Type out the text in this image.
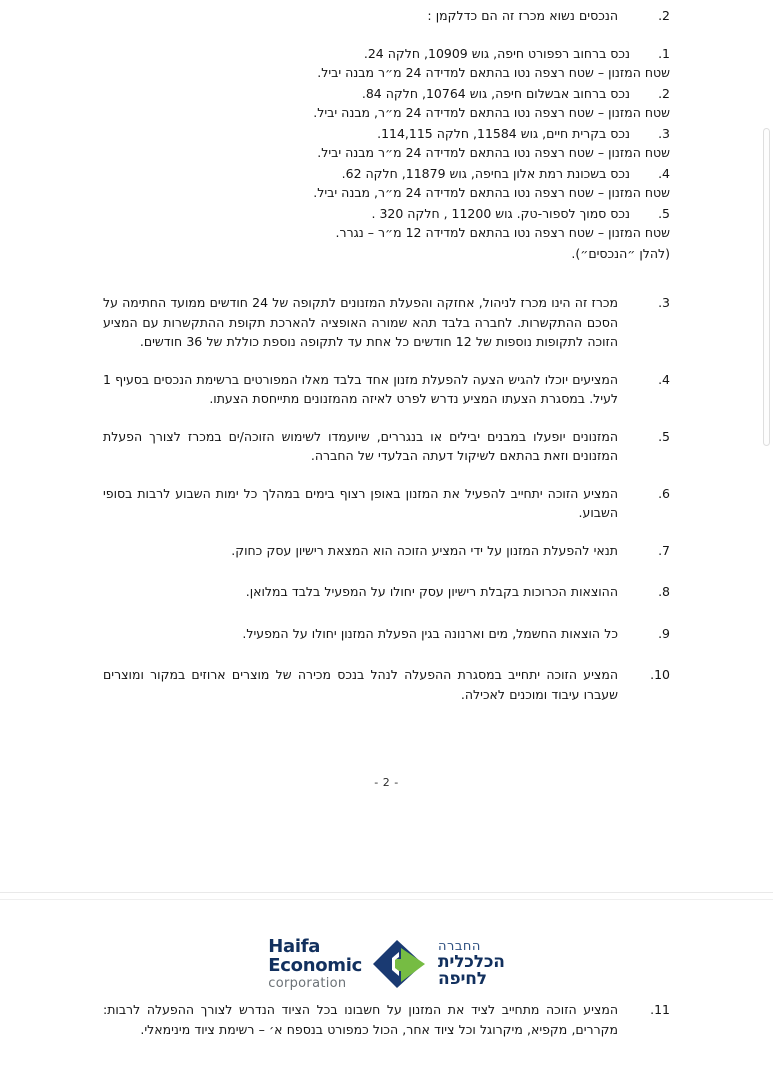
.2
הנכסים נשוא מכרז זה הם כדלקמן :
.1
נכס ברחוב רפפורט חיפה, גוש 10909, חלקה 24.
שטח המזנון – שטח רצפה נטו בהתאם למדידה 24 מ״ר מבנה יביל.
.2
נכס ברחוב אבשלום חיפה, גוש 10764, חלקה 84.
שטח המזנון – שטח רצפה נטו בהתאם למדידה 24 מ״ר, מבנה יביל.
.3
נכס בקרית חיים, גוש 11584, חלקה 114,115.
שטח המזנון – שטח רצפה נטו בהתאם למדידה 24 מ״ר מבנה יביל.
.4
נכס בשכונת רמת אלון בחיפה, גוש 11879, חלקה 62.
שטח המזנון – שטח רצפה נטו בהתאם למדידה 24 מ״ר, מבנה יביל.
.5
נכס סמוך לספור-טק. גוש 11200 , חלקה 320 .
שטח המזנון – שטח רצפה נטו בהתאם למדידה 12 מ״ר – נגרר.
(להלן ״הנכסים״).
.3
מכרז זה הינו מכרז לניהול, אחזקה והפעלת המזנונים לתקופה של 24 חודשים ממועד החתימה על הסכם ההתקשרות. לחברה בלבד תהא שמורה האופציה להארכת תקופת ההתקשרות עם המציע הזוכה לתקופות נוספות של 12 חודשים כל אחת עד לתקופה נוספת כוללת של 36 חודשים.
.4
המציעים יוכלו להגיש הצעה להפעלת מזנון אחד בלבד מאלו המפורטים ברשימת הנכסים בסעיף 1 לעיל. במסגרת הצעתו המציע נדרש לפרט לאיזה מהמזנונים מתייחסת הצעתו.
.5
המזנונים יופעלו במבנים יבילים או בנגררים, שיועמדו לשימוש הזוכה/ים במכרז לצורך הפעלת המזנונים וזאת בהתאם לשיקול דעתה הבלעדי של החברה.
.6
המציע הזוכה יתחייב להפעיל את המזנון באופן רצוף בימים במהלך כל ימות השבוע לרבות בסופי השבוע.
.7
תנאי להפעלת המזנון על ידי המציע הזוכה הוא המצאת רישיון עסק כחוק.
.8
ההוצאות הכרוכות בקבלת רישיון עסק יחולו על המפעיל בלבד במלואן.
.9
כל הוצאות החשמל, מים וארנונה בגין הפעלת המזנון יחולו על המפעיל.
.10
המציע הזוכה יתחייב במסגרת ההפעלה לנהל בנכס מכירה של מוצרים ארוזים במקור ומוצרים שעברו עיבוד ומוכנים לאכילה.
- 2 -
החברה
הכלכלית
לחיפה
Haifa
Economic
corporation
.11
המציע הזוכה מתחייב לציד את המזנון על חשבונו בכל הציוד הנדרש לצורך ההפעלה לרבות: מקררים, מקפיא, מיקרוגל וכל ציוד אחר, הכול כמפורט בנספח א׳ – רשימת ציוד מינימאלי.
